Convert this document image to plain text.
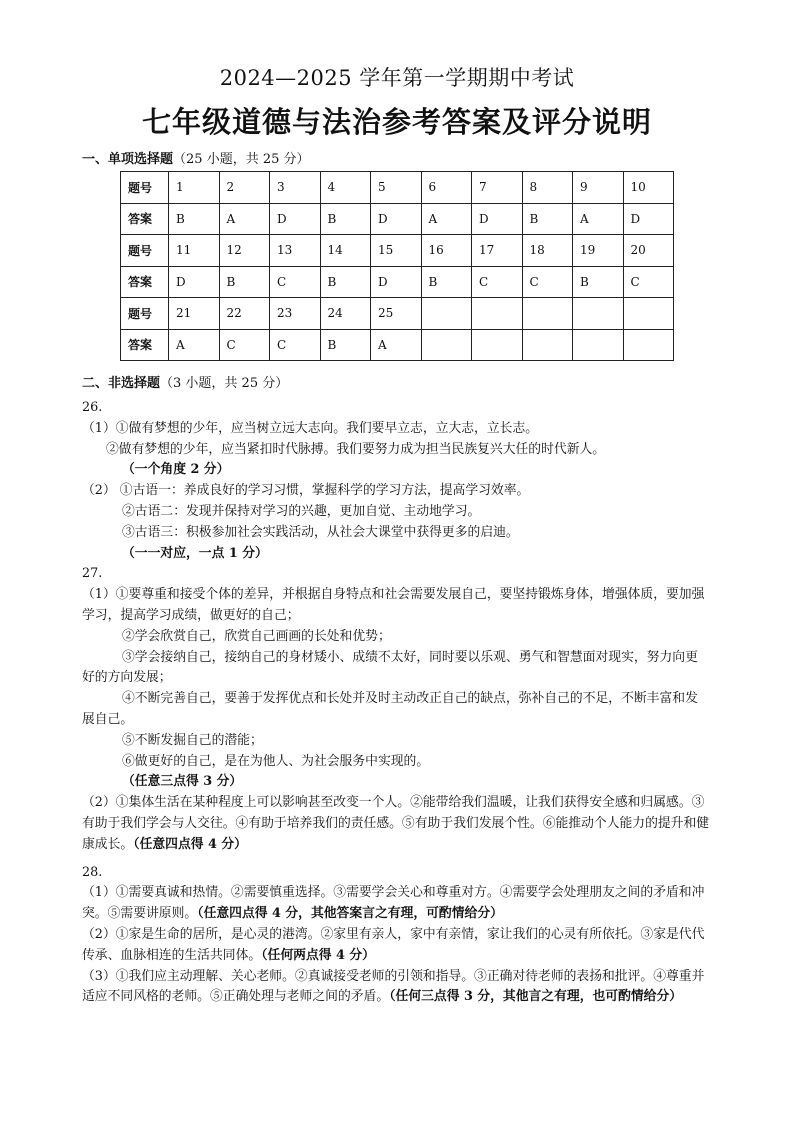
2024—2025 学年第一学期期中考试
七年级道德与法治参考答案及评分说明
一、单项选择题（25 小题，共 25 分）
题号	1	2	3	4	5	6	7	8	9	10
答案	B	A	D	B	D	A	D	B	A	D
题号	11	12	13	14	15	16	17	18	19	20
答案	D	B	C	B	D	B	C	C	B	C
题号	21	22	23	24	25					
答案	A	C	C	B	A					
二、非选择题（3 小题，共 25 分）

26.

（1）①做有梦想的少年，应当树立远大志向。我们要早立志，立大志，立长志。

②做有梦想的少年，应当紧扣时代脉搏。我们要努力成为担当民族复兴大任的时代新人。

（一个角度 2 分）

（2） ①古语一：养成良好的学习习惯，掌握科学的学习方法，提高学习效率。

②古语二：发现并保持对学习的兴趣，更加自觉、主动地学习。

③古语三：积极参加社会实践活动，从社会大课堂中获得更多的启迪。

（一一对应，一点 1 分）

27.

（1）①要尊重和接受个体的差异，并根据自身特点和社会需要发展自己，要坚持锻炼身体，增强体质，要加强学习，提高学习成绩，做更好的自己；

②学会欣赏自己，欣赏自己画画的长处和优势；

③学会接纳自己，接纳自己的身材矮小、成绩不太好，同时要以乐观、勇气和智慧面对现实，努力向更好的方向发展；

④不断完善自己，要善于发挥优点和长处并及时主动改正自己的缺点，弥补自己的不足，不断丰富和发展自己。

⑤不断发掘自己的潜能；

⑥做更好的自己，是在为他人、为社会服务中实现的。

（任意三点得 3 分）

（2）①集体生活在某种程度上可以影响甚至改变一个人。②能带给我们温暖，让我们获得安全感和归属感。③有助于我们学会与人交往。④有助于培养我们的责任感。⑤有助于我们发展个性。⑥能推动个人能力的提升和健康成长。（任意四点得 4 分）

28.

（1）①需要真诚和热情。②需要慎重选择。③需要学会关心和尊重对方。④需要学会处理朋友之间的矛盾和冲突。⑤需要讲原则。（任意四点得 4 分，其他答案言之有理，可酌情给分）

（2）①家是生命的居所，是心灵的港湾。②家里有亲人，家中有亲情，家让我们的心灵有所依托。③家是代代传承、血脉相连的生活共同体。（任何两点得 4 分）

（3）①我们应主动理解、关心老师。②真诚接受老师的引领和指导。③正确对待老师的表扬和批评。④尊重并适应不同风格的老师。⑤正确处理与老师之间的矛盾。（任何三点得 3 分，其他言之有理，也可酌情给分）
